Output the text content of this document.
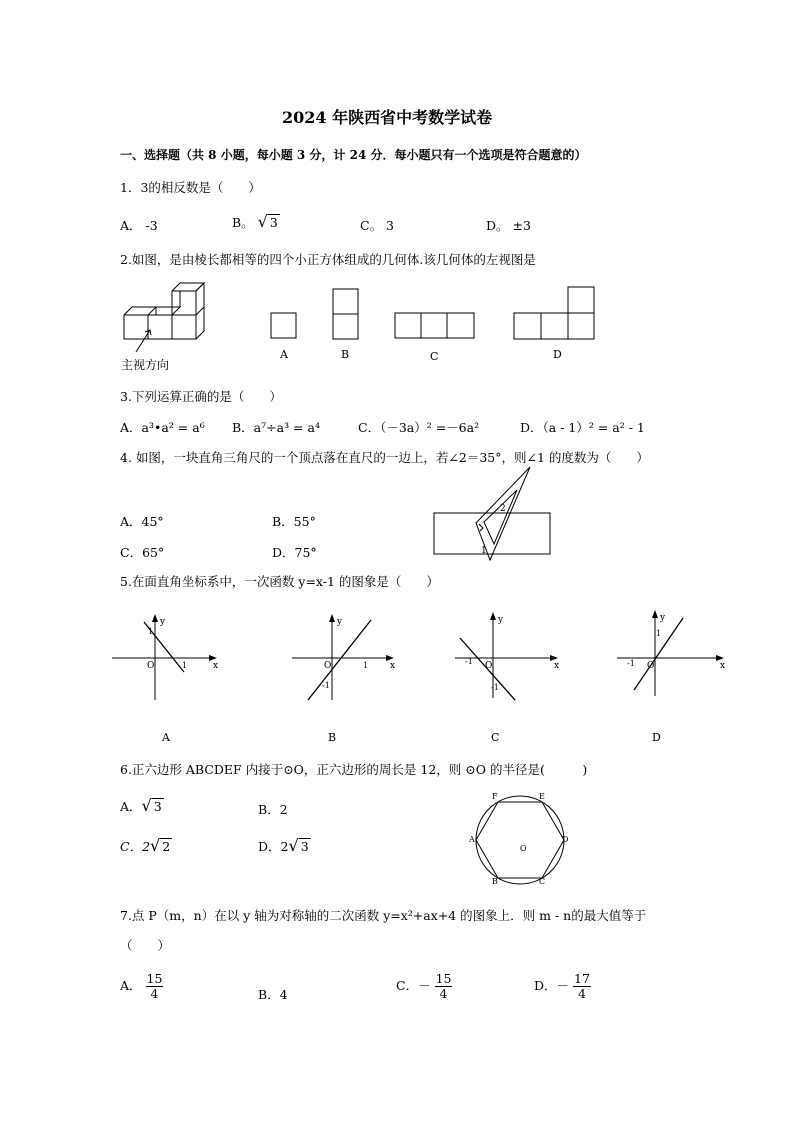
2024 年陕西省中考数学试卷
一、选择题（共 8 小题，每小题 3 分，计 24 分．每小题只有一个选项是符合题意的）
1．3的相反数是（　　）
A． -3	B。 √ 3	C。 3	D。 ±3
2.如图，是由棱长都相等的四个小正方体组成的几何体.该几何体的左视图是
主视方向
A	B	C	D
3.下列运算正确的是（　　）
A．a³•a² = a⁶ B．a⁷÷a³ = a⁴	C．（－3a）² =－6a²	D．（a - 1）² = a² - 1
4. 如图，一块直角三角尺的一个顶点落在直尺的一边上，若∠2＝35°，则∠1 的度数为（　　）
A．45°	B．55°
C．65°	D．75°
2
1
5.在面直角坐标系中，一次函数 y=x-1 的图象是（　　）
x
y
O
1
1	x
y
O	1
-1
x
y
O
-1
-1
x
y
O
1
-1
A	B	C	D
6.正六边形 ABCDEF 内接于⊙O，正六边形的周长是 12，则 ⊙O 的半径是(　　　)
A．√ 3	B．2
C．2√ 2	D．2√ 3
F	E
A	D
O
B	C
7.点 P（m，n）在以 y 轴为对称轴的二次函数 y=x²+ax+4 的图象上．则 m - n的最大值等于
（　　）
A． $\frac{15}{4}$	B．4
C．－ $\frac{15}{4}$	D．－ $\frac{17}{4}$
